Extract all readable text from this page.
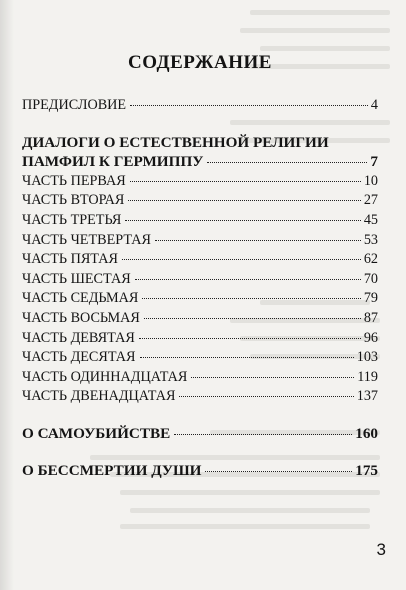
СОДЕРЖАНИЕ
ПРЕДИСЛОВИЕ	4
ДИАЛОГИ О ЕСТЕСТВЕННОЙ РЕЛИГИИ
ПАМФИЛ К ГЕРМИППУ	7
ЧАСТЬ ПЕРВАЯ	10
ЧАСТЬ ВТОРАЯ	27
ЧАСТЬ ТРЕТЬЯ	45
ЧАСТЬ ЧЕТВЕРТАЯ	53
ЧАСТЬ ПЯТАЯ	62
ЧАСТЬ ШЕСТАЯ	70
ЧАСТЬ СЕДЬМАЯ	79
ЧАСТЬ ВОСЬМАЯ	87
ЧАСТЬ ДЕВЯТАЯ	96
ЧАСТЬ ДЕСЯТАЯ	103
ЧАСТЬ ОДИННАДЦАТАЯ	119
ЧАСТЬ ДВЕНАДЦАТАЯ	137
О САМОУБИЙСТВЕ	160
О БЕССМЕРТИИ ДУШИ	175
3
